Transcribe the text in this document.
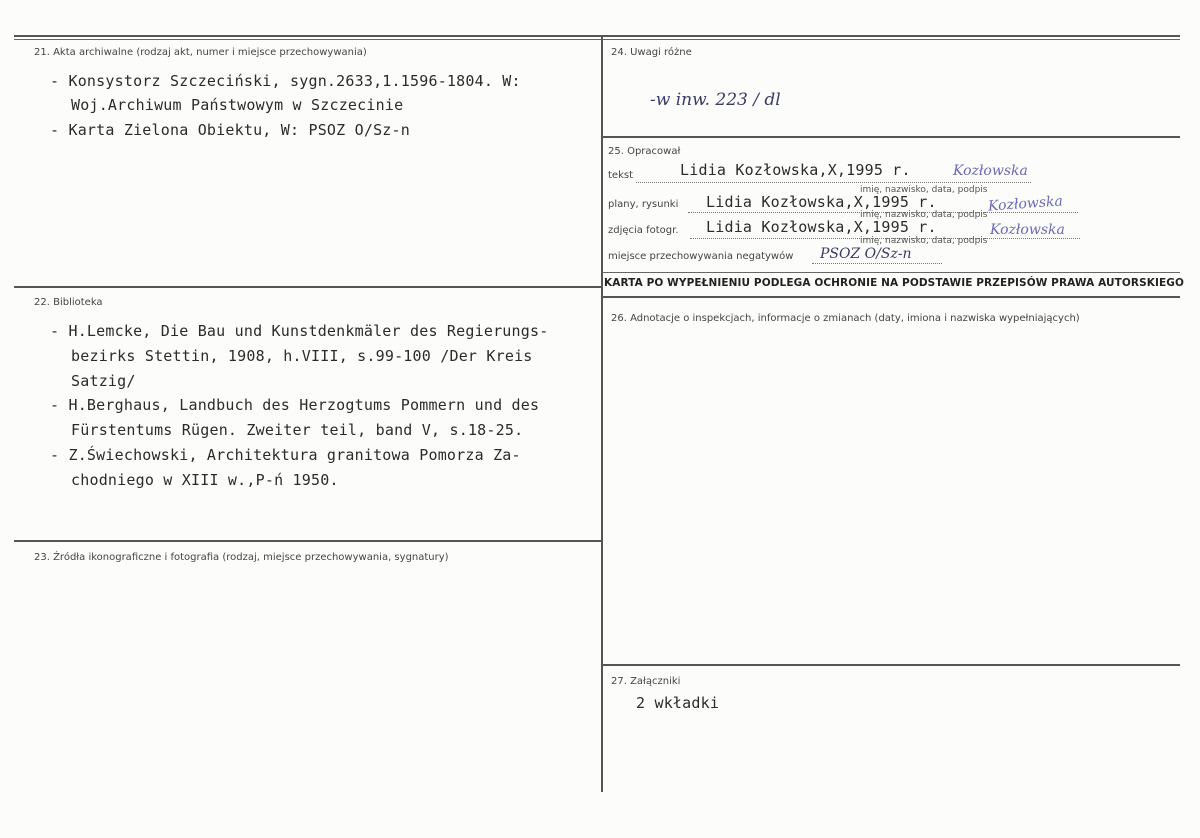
21. Akta archiwalne (rodzaj akt, numer i miejsce przechowywania)
- Konsystorz Szczeciński, sygn.2633,1.1596-1804. W:
Woj.Archiwum Państwowym w Szczecinie
- Karta Zielona Obiektu, W: PSOZ O/Sz-n
22. Biblioteka
- H.Lemcke, Die Bau und Kunstdenkmäler des Regierungs-
bezirks Stettin, 1908, h.VIII, s.99-100 /Der Kreis
Satzig/
- H.Berghaus, Landbuch des Herzogtums Pommern und des
Fürstentums Rügen. Zweiter teil, band V, s.18-25.
- Z.Świechowski, Architektura granitowa Pomorza Za-
chodniego w XIII w.,P-ń 1950.
23. Źródła ikonograficzne i fotografia (rodzaj, miejsce przechowywania, sygnatury)
24. Uwagi różne
-w inw. 223 / dl
25. Opracował
tekst	Lidia Kozłowska,X,1995 r.	Kozłowska
imię, nazwisko, data, podpis
plany, rysunki Lidia Kozłowska,X,1995 r.	Kozłowska
imię, nazwisko, data, podpis
zdjęcia fotogr. Lidia Kozłowska,X,1995 r.	Kozłowska
imię, nazwisko, data, podpis
miejsce przechowywania negatywów PSOZ O/Sz-n
KARTA PO WYPEŁNIENIU PODLEGA OCHRONIE NA PODSTAWIE PRZEPISÓW PRAWA AUTORSKIEGO
26. Adnotacje o inspekcjach, informacje o zmianach (daty, imiona i nazwiska wypełniających)
27. Załączniki
2 wkładki
